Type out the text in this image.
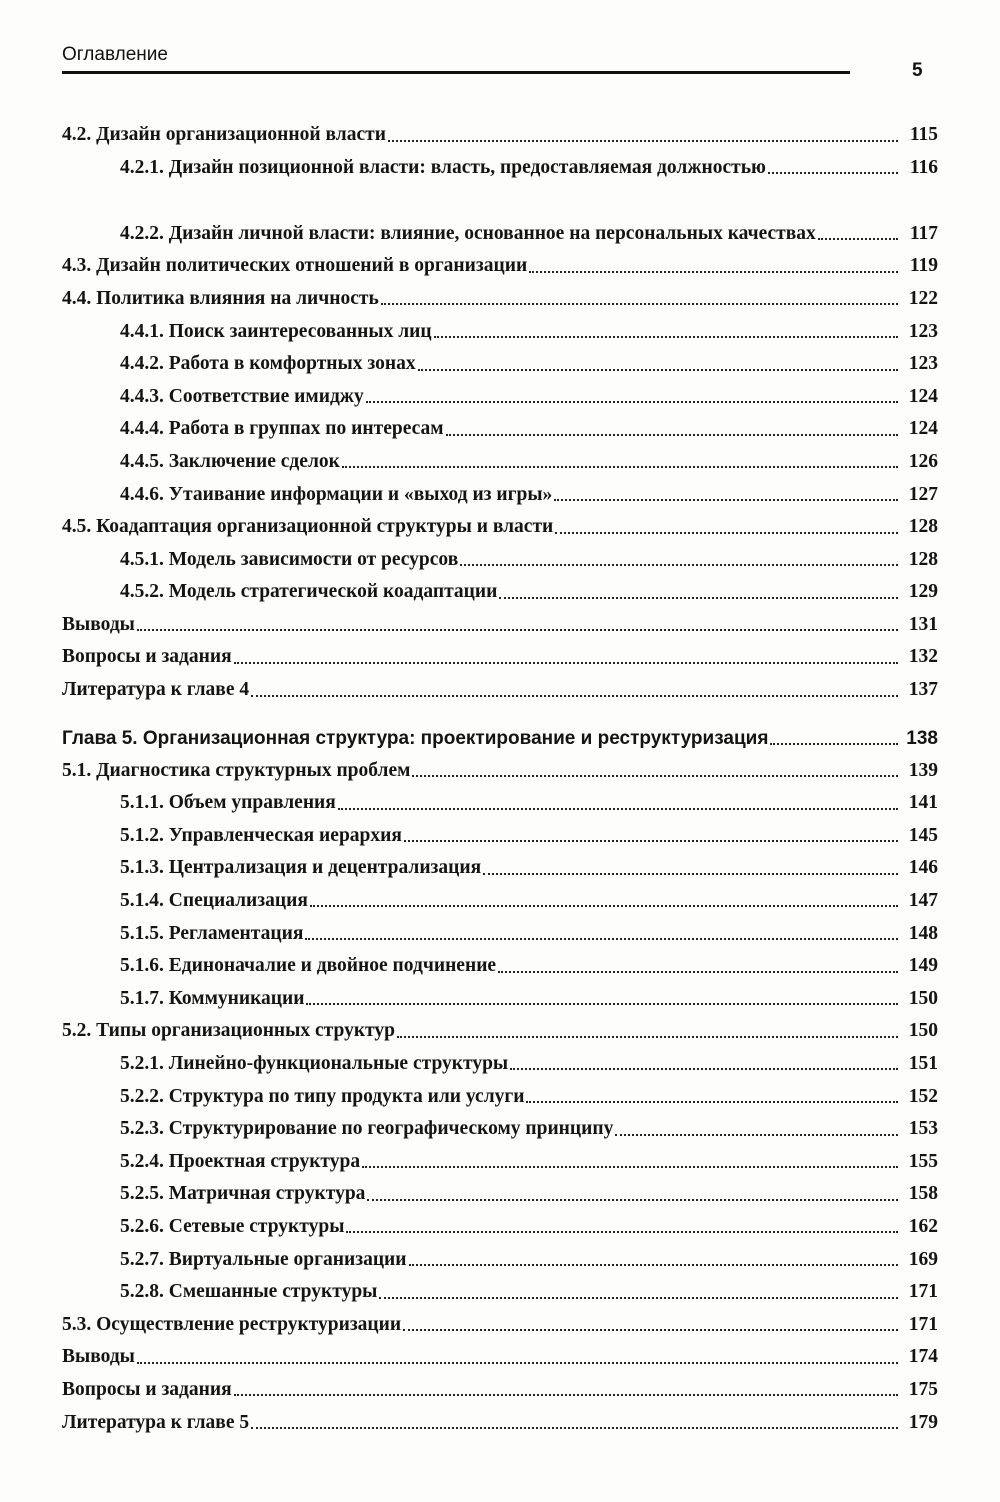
Оглавление
5
4.2. Дизайн организационной власти	115
4.2.1. Дизайн позиционной власти: власть, предоставляемая должностью	116
4.2.2. Дизайн личной власти: влияние, основанное на персональных качествах	117
4.3. Дизайн политических отношений в организации	119
4.4. Политика влияния на личность	122
4.4.1. Поиск заинтересованных лиц	123
4.4.2. Работа в комфортных зонах	123
4.4.3. Соответствие имиджу	124
4.4.4. Работа в группах по интересам	124
4.4.5. Заключение сделок	126
4.4.6. Утаивание информации и «выход из игры»	127
4.5. Коадаптация организационной структуры и власти	128
4.5.1. Модель зависимости от ресурсов	128
4.5.2. Модель стратегической коадаптации	129
Выводы	131
Вопросы и задания	132
Литература к главе 4	137
Глава 5. Организационная структура: проектирование и реструктуризация	138
5.1. Диагностика структурных проблем	139
5.1.1. Объем управления	141
5.1.2. Управленческая иерархия	145
5.1.3. Централизация и децентрализация	146
5.1.4. Специализация	147
5.1.5. Регламентация	148
5.1.6. Единоначалие и двойное подчинение	149
5.1.7. Коммуникации	150
5.2. Типы организационных структур	150
5.2.1. Линейно-функциональные структуры	151
5.2.2. Структура по типу продукта или услуги	152
5.2.3. Структурирование по географическому принципу	153
5.2.4. Проектная структура	155
5.2.5. Матричная структура	158
5.2.6. Сетевые структуры	162
5.2.7. Виртуальные организации	169
5.2.8. Смешанные структуры	171
5.3. Осуществление реструктуризации	171
Выводы	174
Вопросы и задания	175
Литература к главе 5	179
